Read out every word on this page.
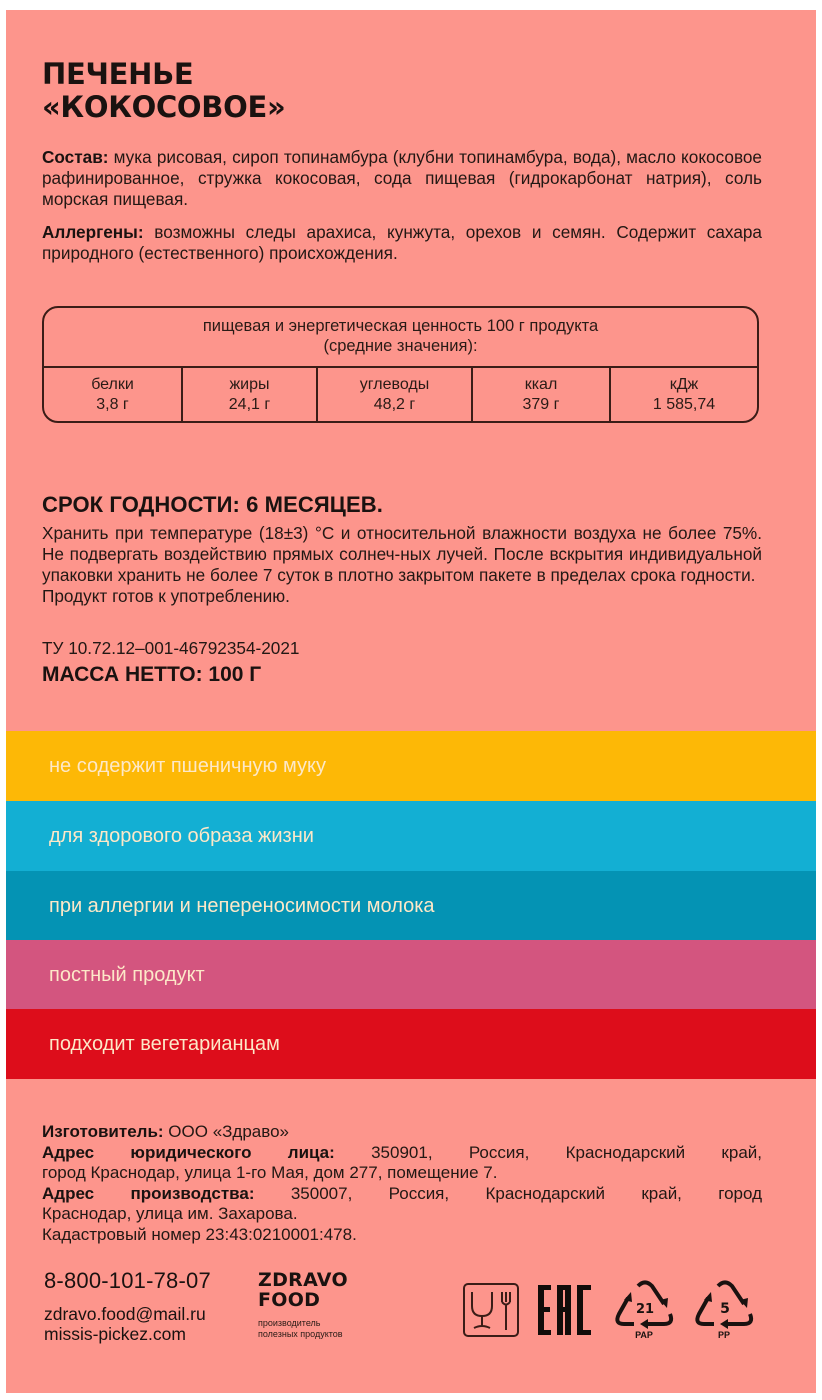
ПЕЧЕНЬЕ
«КОКОСОВОЕ»
Состав: мука рисовая, сироп топинамбура (клубни топинамбура, вода), масло кокосовое рафинированное, стружка кокосовая, сода пищевая (гидрокарбонат натрия), соль морская пищевая.
Аллергены: возможны следы арахиса, кунжута, орехов и семян. Содержит сахара природного (естественного) происхождения.
пищевая и энергетическая ценность 100 г продукта
(средние значения):
белки
3,8 г
жиры
24,1 г
углеводы
48,2 г
ккал
379 г
кДж
1 585,74
СРОК ГОДНОСТИ: 6 МЕСЯЦЕВ.
Хранить при температуре (18±3) °С и относительной влажности воздуха не более 75%. Не подвергать воздействию прямых солнеч-ных лучей. После вскрытия индивидуальной упаковки хранить не более 7 суток в плотно закрытом пакете в пределах срока годности.
Продукт готов к употреблению.
ТУ 10.72.12–001-46792354-2021
МАССА НЕТТО: 100 Г
не содержит пшеничную муку
для здорового образа жизни
при аллергии и непереносимости молока
постный продукт
подходит вегетарианцам
Изготовитель: ООО «Здраво»
Адрес юридического лица: 350901, Россия, Краснодарский край,
город Краснодар, улица 1-го Мая, дом 277, помещение 7.
Адрес производства: 350007, Россия, Краснодарский край, город
Краснодар, улица им. Захарова.
Кадастровый номер 23:43:0210001:478.
8-800-101-78-07
zdravo.food@mail.ru
missis-pickez.com
ZDRAVO
FOOD
производитель
полезных продуктов
21
PAP
5
PP
